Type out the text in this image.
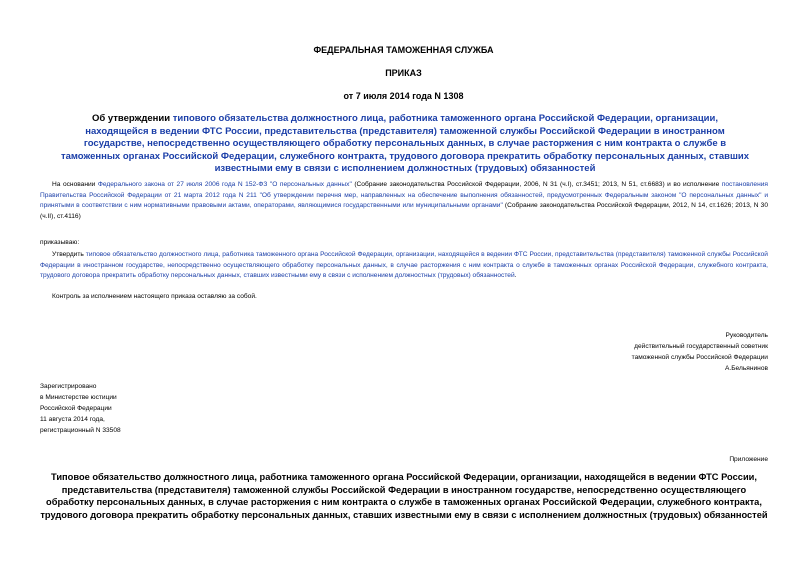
ФЕДЕРАЛЬНАЯ ТАМОЖЕННАЯ СЛУЖБА
ПРИКАЗ
от 7 июля 2014 года N 1308
Об утверждении типового обязательства должностного лица, работника таможенного органа Российской Федерации, организации, находящейся в ведении ФТС России, представительства (представителя) таможенной службы Российской Федерации в иностранном государстве, непосредственно осуществляющего обработку персональных данных, в случае расторжения с ним контракта о службе в таможенных органах Российской Федерации, служебного контракта, трудового договора прекратить обработку персональных данных, ставших известными ему в связи с исполнением должностных (трудовых) обязанностей
На основании Федерального закона от 27 июля 2006 года N 152-ФЗ "О персональных данных" (Собрание законодательства Российской Федерации, 2006, N 31 (ч.I), ст.3451; 2013, N 51, ст.6683) и во исполнение постановления Правительства Российской Федерации от 21 марта 2012 года N 211 "Об утверждении перечня мер, направленных на обеспечение выполнения обязанностей, предусмотренных Федеральным законом "О персональных данных" и принятыми в соответствии с ним нормативными правовыми актами, операторами, являющимися государственными или муниципальными органами" (Собрание законодательства Российской Федерации, 2012, N 14, ст.1626; 2013, N 30 (ч.II), ст.4116)
приказываю:
Утвердить типовое обязательство должностного лица, работника таможенного органа Российской Федерации, организации, находящейся в ведении ФТС России, представительства (представителя) таможенной службы Российской Федерации в иностранном государстве, непосредственно осуществляющего обработку персональных данных, в случае расторжения с ним контракта о службе в таможенных органах Российской Федерации, служебного контракта, трудового договора прекратить обработку персональных данных, ставших известными ему в связи с исполнением должностных (трудовых) обязанностей.
Контроль за исполнением настоящего приказа оставляю за собой.
Руководитель
действительный государственный советник
таможенной службы Российской Федерации
А.Бельянинов
Зарегистрировано
в Министерстве юстиции
Российской Федерации
11 августа 2014 года,
регистрационный N 33508
Приложение
Типовое обязательство должностного лица, работника таможенного органа Российской Федерации, организации, находящейся в ведении ФТС России, представительства (представителя) таможенной службы Российской Федерации в иностранном государстве, непосредственно осуществляющего обработку персональных данных, в случае расторжения с ним контракта о службе в таможенных органах Российской Федерации, служебного контракта, трудового договора прекратить обработку персональных данных, ставших известными ему в связи с исполнением должностных (трудовых) обязанностей
